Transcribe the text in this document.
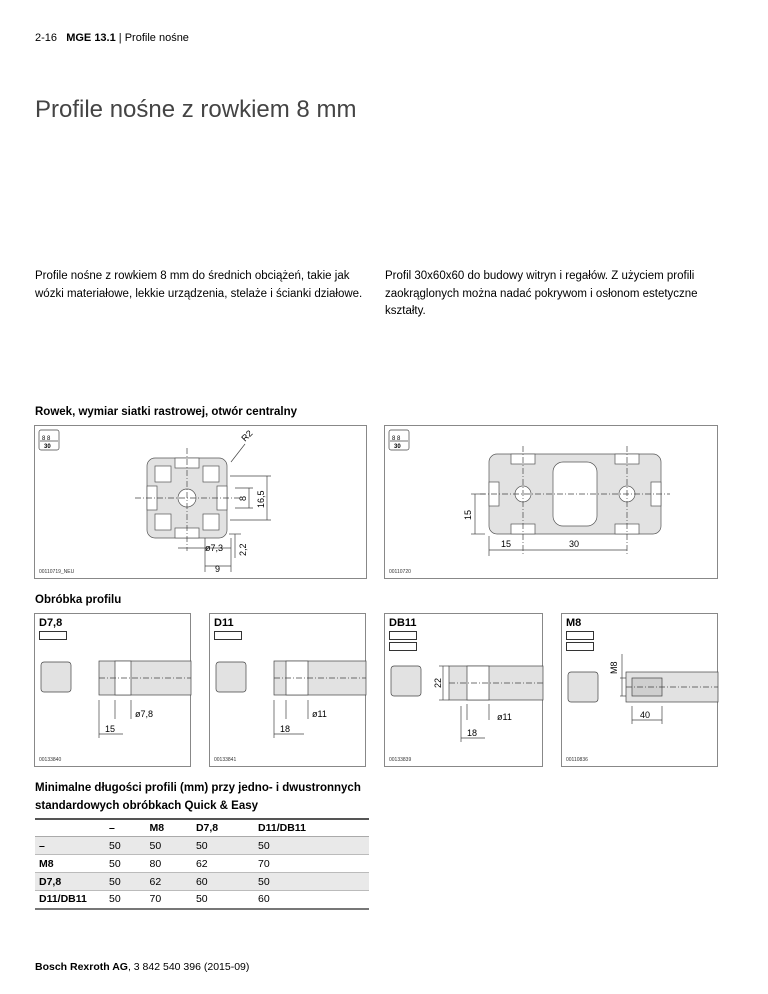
2-16 MGE 13.1 | Profile nośne
Profile nośne z rowkiem 8 mm

Profile nośne z rowkiem 8 mm do średnich obciążeń, takie jak wózki materiałowe, lekkie urządzenia, stelaże i ścianki działowe.

Profil 30x60x60 do budowy witryn i regałów. Z użyciem profili zaokrąglonych można nadać pokrywom i osłonom estetyczne kształty.

Rowek, wymiar siatki rastrowej, otwór centralny
8 8
30
R2
8 16,5
ø7,3 2,2
9
00110719_NEU
8 8
30
15
15	30
00110720
Obróbka profilu
D7,8
ø7,8
15
00133840
D11
ø11
18
00133841
DB11
22
ø11
18
00133839
M8
M8
40
00110836
Minimalne długości profili (mm) przy jedno- i dwustronnych standardowych obróbkach Quick & Easy
	–	M8	D7,8	D11/DB11
–	50	50	50	50
M8	50	80	62	70
D7,8	50	62	60	50
D11/DB11	50	70	50	60
Bosch Rexroth AG, 3 842 540 396 (2015-09)
